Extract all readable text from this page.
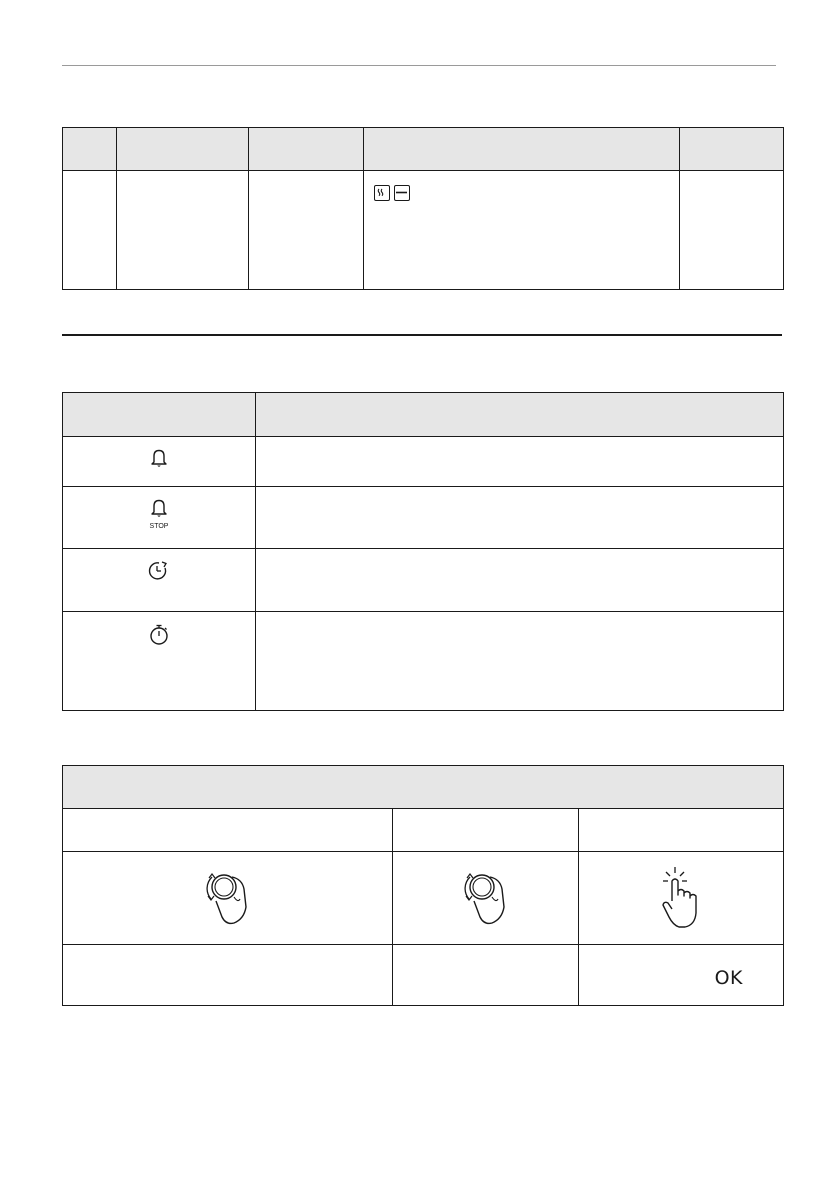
STOP	

		OK
